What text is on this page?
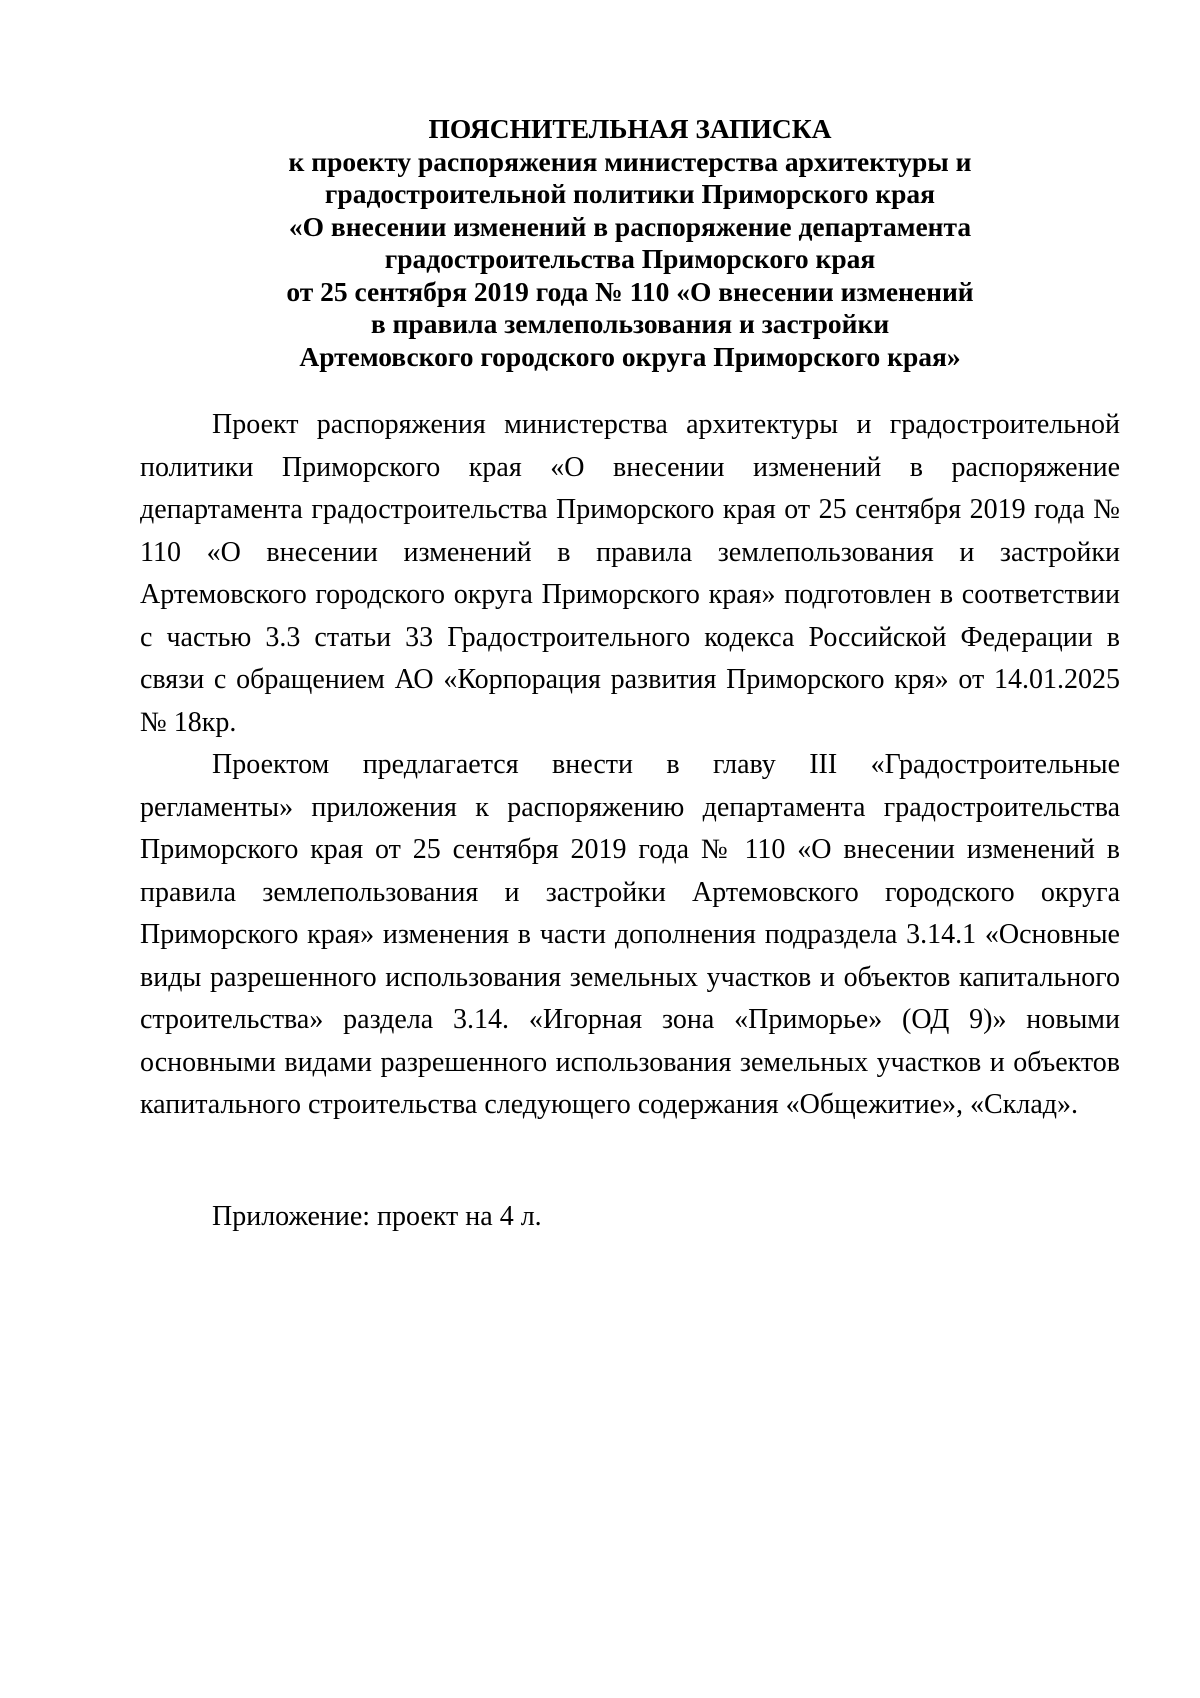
ПОЯСНИТЕЛЬНАЯ ЗАПИСКА
к проекту распоряжения министерства архитектуры и
градостроительной политики Приморского края
«О внесении изменений в распоряжение департамента
градостроительства Приморского края
от 25 сентября 2019 года № 110 «О внесении изменений
в правила землепользования и застройки
Артемовского городского округа Приморского края»

Проект распоряжения министерства архитектуры и градостроительной политики Приморского края «О внесении изменений в распоряжение департамента градостроительства Приморского края от 25 сентября 2019 года № 110 «О внесении изменений в правила землепользования и застройки Артемовского городского округа Приморского края» подготовлен в соответствии с частью 3.3 статьи 33 Градостроительного кодекса Российской Федерации в связи с обращением АО «Корпорация развития Приморского кря» от 14.01.2025 № 18кр.

Проектом предлагается внести в главу III «Градостроительные регламенты» приложения к распоряжению департамента градостроительства Приморского края от 25 сентября 2019 года № 110 «О внесении изменений в правила землепользования и застройки Артемовского городского округа Приморского края» изменения в части дополнения подраздела 3.14.1 «Основные виды разрешенного использования земельных участков и объектов капитального строительства» раздела 3.14. «Игорная зона «Приморье» (ОД 9)» новыми основными видами разрешенного использования земельных участков и объектов капитального строительства следующего содержания «Общежитие», «Склад».

Приложение: проект на 4 л.
